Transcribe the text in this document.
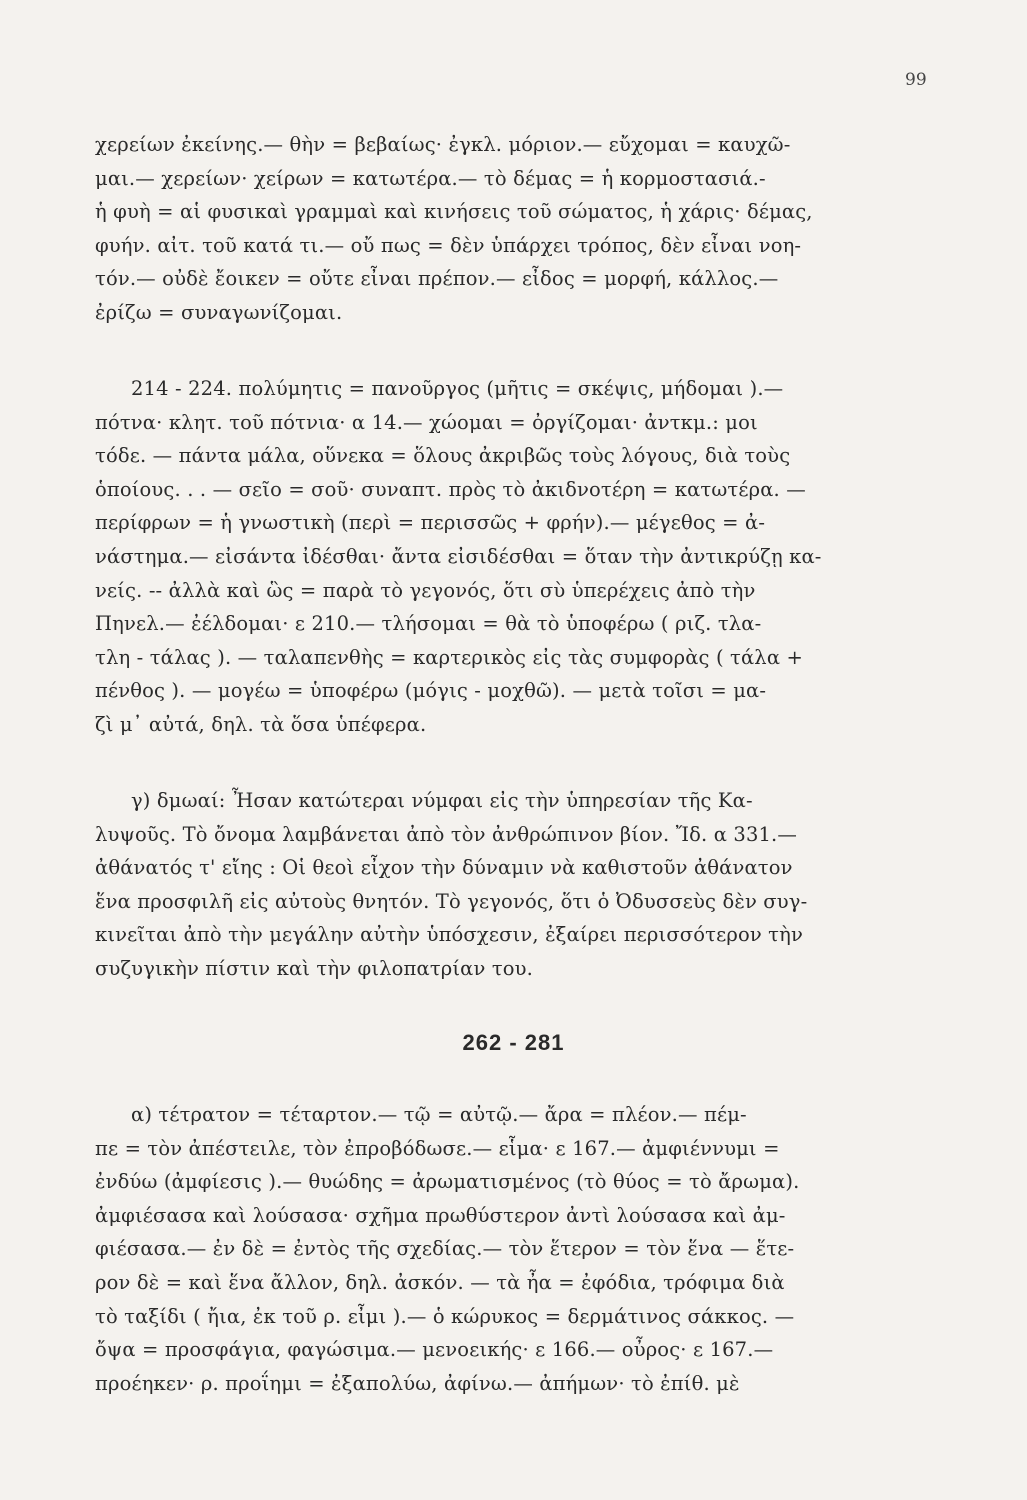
99
χερείων ἐκείνης.— θὴν = βεβαίως· ἐγκλ. μόριον.— εὔχομαι = καυχῶ-
μαι.— χερείων· χείρων = κατωτέρα.— τὸ δέμας = ἡ κορμοστασιά.-
ἡ φυὴ = αἱ φυσικαὶ γραμμαὶ καὶ κινήσεις τοῦ σώματος, ἡ χάρις· δέμας,
φυήν. αἰτ. τοῦ κατά τι.— οὔ πως = δὲν ὑπάρχει τρόπος, δὲν εἶναι νοη-
τόν.— οὐδὲ ἔοικεν = οὔτε εἶναι πρέπον.— εἶδος = μορφή, κάλλος.—
ἐρίζω = συναγωνίζομαι.
214 - 224. πολύμητις = πανοῦργος (μῆτις = σκέψις, μήδομαι ).—
πότνα· κλητ. τοῦ πότνια· α 14.— χώομαι = ὀργίζομαι· ἀντκμ.: μοι
τόδε. — πάντα μάλα, οὕνεκα = ὅλους ἀκριβῶς τοὺς λόγους, διὰ τοὺς
ὁποίους. . . — σεῖο = σοῦ· συναπτ. πρὸς τὸ ἀκιδνοτέρη = κατωτέρα. —
περίφρων = ἡ γνωστικὴ (περὶ = περισσῶς + φρήν).— μέγεθος = ἀ-
νάστημα.— εἰσάντα ἰδέσθαι· ἄντα εἰσιδέσθαι = ὅταν τὴν ἀντικρύζῃ κα-
νείς. -- ἀλλὰ καὶ ὣς = παρὰ τὸ γεγονός, ὅτι σὺ ὑπερέχεις ἀπὸ τὴν
Πηνελ.— ἐέλδομαι· ε 210.— τλήσομαι = θὰ τὸ ὑποφέρω ( ριζ. τλα-
τλη - τάλας ). — ταλαπενθὴς = καρτερικὸς εἰς τὰς συμφορὰς ( τάλα +
πένθος ). — μογέω = ὑποφέρω (μόγις - μοχθῶ). — μετὰ τοῖσι = μα-
ζὶ μ᾿ αὐτά, δηλ. τὰ ὅσα ὑπέφερα.
γ) δμωαί: Ἦσαν κατώτεραι νύμφαι εἰς τὴν ὑπηρεσίαν τῆς Κα-
λυψοῦς. Τὸ ὄνομα λαμβάνεται ἀπὸ τὸν ἀνθρώπινον βίον. Ἴδ. α 331.—
ἀθάνατός τ' εἴης : Οἱ θεοὶ εἶχον τὴν δύναμιν νὰ καθιστοῦν ἀθάνατον
ἕνα προσφιλῆ εἰς αὐτοὺς θνητόν. Τὸ γεγονός, ὅτι ὁ Ὀδυσσεὺς δὲν συγ-
κινεῖται ἀπὸ τὴν μεγάλην αὐτὴν ὑπόσχεσιν, ἐξαίρει περισσότερον τὴν
συζυγικὴν πίστιν καὶ τὴν φιλοπατρίαν του.
262 - 281
α) τέτρατον = τέταρτον.— τῷ = αὐτῷ.— ἄρα = πλέον.— πέμ-
πε = τὸν ἀπέστειλε, τὸν ἐπροβόδωσε.— εἷμα· ε 167.— ἀμφιέννυμι =
ἐνδύω (ἀμφίεσις ).— θυώδης = ἀρωματισμένος (τὸ θύος = τὸ ἄρωμα).
ἀμφιέσασα καὶ λούσασα· σχῆμα πρωθύστερον ἀντὶ λούσασα καὶ ἀμ-
φιέσασα.— ἐν δὲ = ἐντὸς τῆς σχεδίας.— τὸν ἕτερον = τὸν ἕνα — ἕτε-
ρον δὲ = καὶ ἕνα ἄλλον, δηλ. ἀσκόν. — τὰ ἦα = ἐφόδια, τρόφιμα διὰ
τὸ ταξίδι ( ἤια, ἐκ τοῦ ρ. εἶμι ).— ὁ κώρυκος = δερμάτινος σάκκος. —
ὄψα = προσφάγια, φαγώσιμα.— μενοεικής· ε 166.— οὖρος· ε 167.—
προέηκεν· ρ. προΐημι = ἐξαπολύω, ἀφίνω.— ἀπήμων· τὸ ἐπίθ. μὲ
